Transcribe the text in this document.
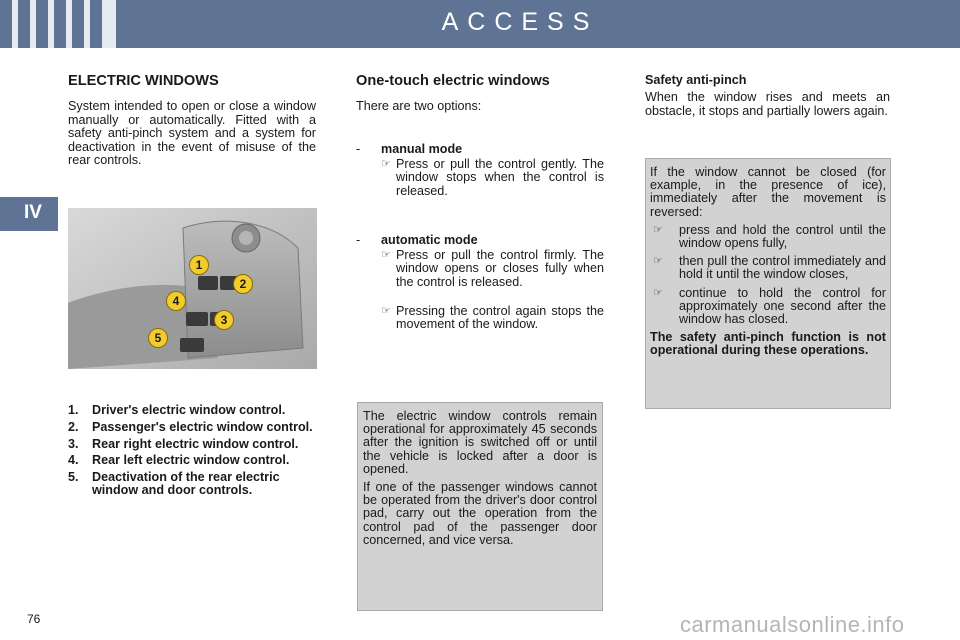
ACCESS
IV
ELECTRIC WINDOWS
System intended to open or close a window manually or automatically. Fitted with a safety anti-pinch system and a system for deactivation in the event of misuse of the rear controls.
1
2
3
4
5
1. Driver's electric window control.
2. Passenger's electric window control.
3. Rear right electric window control.
4. Rear left electric window control.
5. Deactivation of the rear electric window and door controls.
One-touch electric windows
There are two options:
- manual mode
☞ Press or pull the control gently. The window stops when the control is released.
- automatic mode
☞ Press or pull the control firmly. The window opens or closes fully when the control is released.
☞ Pressing the control again stops the movement of the window.

The electric window controls remain operational for approximately 45 seconds after the ignition is switched off or until the vehicle is locked after a door is opened.

If one of the passenger windows cannot be operated from the driver's door control pad, carry out the operation from the control pad of the passenger door concerned, and vice versa.

Safety anti-pinch
When the window rises and meets an obstacle, it stops and partially lowers again.

If the window cannot be closed (for example, in the presence of ice), immediately after the movement is reversed:

☞ press and hold the control until the window opens fully,
☞ then pull the control immediately and hold it until the window closes,
☞ continue to hold the control for approximately one second after the window has closed.

The safety anti-pinch function is not operational during these operations.

76	carmanualsonline.info
